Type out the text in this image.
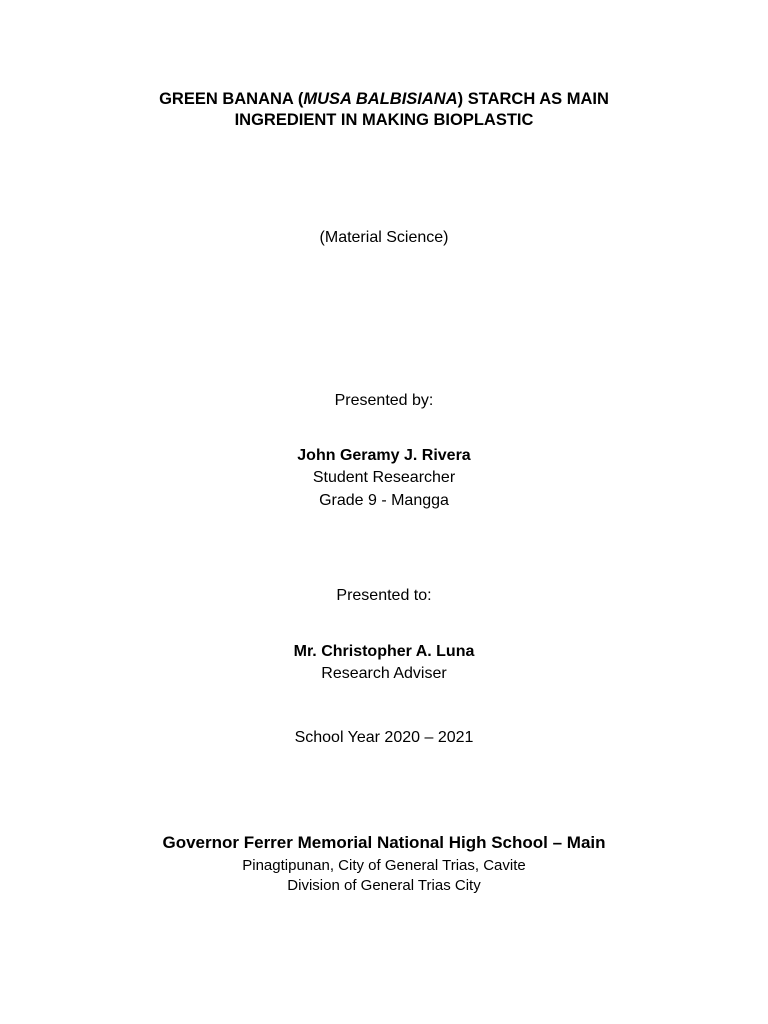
GREEN BANANA (MUSA BALBISIANA) STARCH AS MAIN
INGREDIENT IN MAKING BIOPLASTIC
(Material Science)
Presented by:
John Geramy J. Rivera
Student Researcher
Grade 9 - Mangga
Presented to:
Mr. Christopher A. Luna
Research Adviser
School Year 2020 – 2021
Governor Ferrer Memorial National High School – Main
Pinagtipunan, City of General Trias, Cavite
Division of General Trias City
